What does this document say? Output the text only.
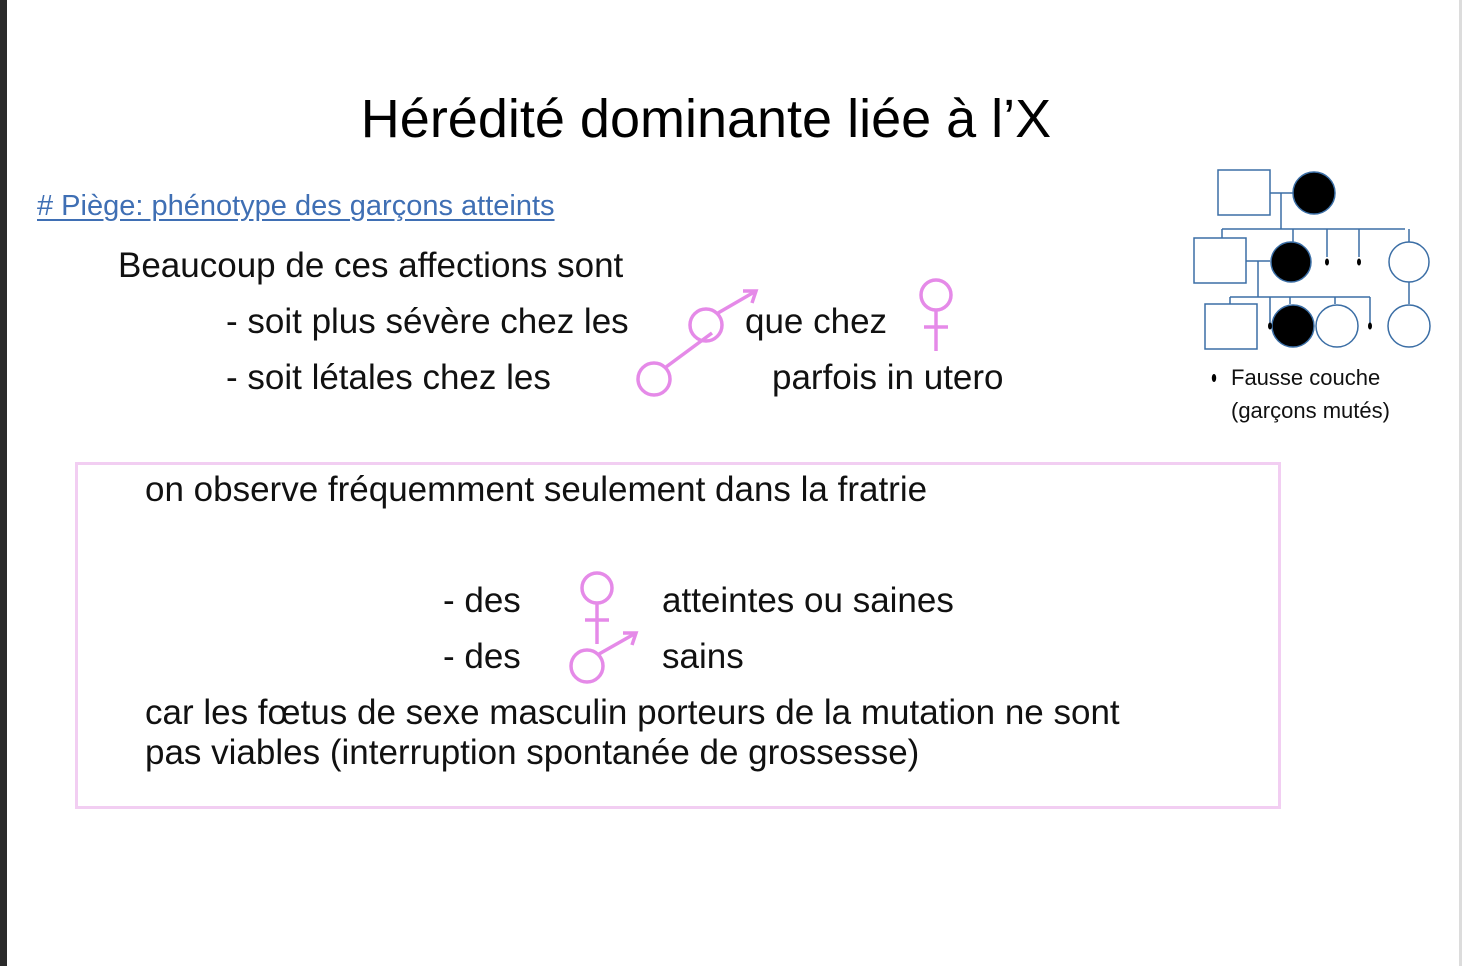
Hérédité dominante liée à l’X
# Piège: phénotype des garçons atteints
Beaucoup de ces affections sont
- soit plus sévère chez les	que chez
- soit létales chez les	parfois in utero	Fausse couche
(garçons mutés)
on observe fréquemment seulement dans la fratrie
- des	atteintes ou saines
- des	sains
car les fœtus de sexe masculin porteurs de la mutation ne sont
pas viables (interruption spontanée de grossesse)
